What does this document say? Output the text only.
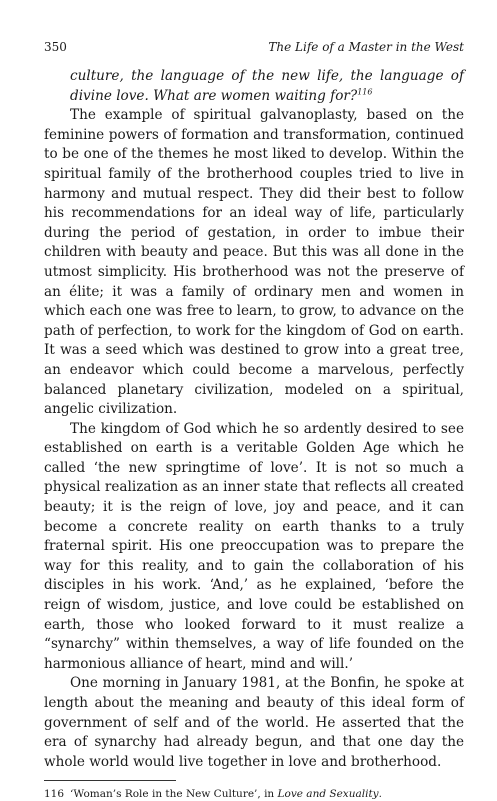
350	The Life of a Master in the West

culture, the language of the new life, the language of divine love. What are women waiting for?$^{116}$

The example of spiritual galvanoplasty, based on the feminine powers of formation and transformation, continued to be one of the themes he most liked to develop. Within the spiritual family of the brotherhood couples tried to live in harmony and mutual respect. They did their best to follow his recommendations for an ideal way of life, particularly during the period of gestation, in order to imbue their children with beauty and peace. But this was all done in the utmost simplicity. His brotherhood was not the preserve of an élite; it was a family of ordinary men and women in which each one was free to learn, to grow, to advance on the path of perfection, to work for the kingdom of God on earth. It was a seed which was destined to grow into a great tree, an endeavor which could become a marvelous, perfectly balanced planetary civilization, modeled on a spiritual, angelic civilization.

The kingdom of God which he so ardently desired to see established on earth is a veritable Golden Age which he called ‘the new springtime of love’. It is not so much a physical realization as an inner state that reflects all created beauty; it is the reign of love, joy and peace, and it can become a concrete reality on earth thanks to a truly fraternal spirit. His one preoccupation was to prepare the way for this reality, and to gain the collaboration of his disciples in his work. ‘And,’ as he explained, ‘before the reign of wisdom, justice, and love could be established on earth, those who looked forward to it must realize a “synarchy” within themselves, a way of life founded on the harmonious alliance of heart, mind and will.’

One morning in January 1981, at the Bonfin, he spoke at length about the meaning and beauty of this ideal form of government of self and of the world. He asserted that the era of synarchy had already begun, and that one day the whole world would live together in love and brotherhood.

116 ‘Woman’s Role in the New Culture’, in Love and Sexuality.
